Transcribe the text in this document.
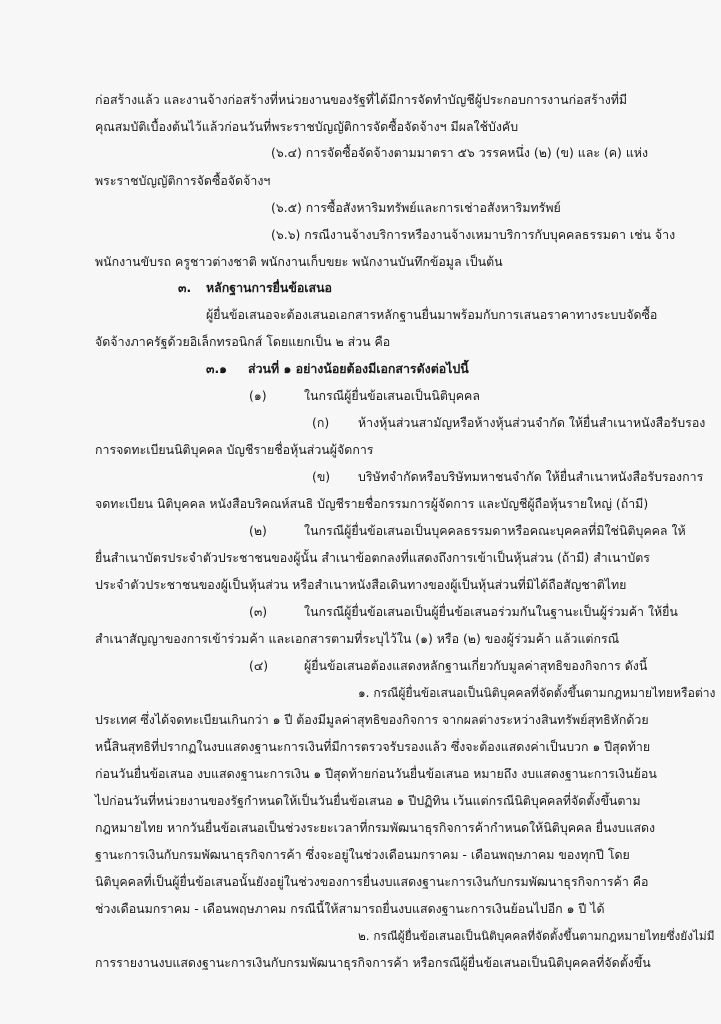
ก่อสร้างแล้ว และงานจ้างก่อสร้างที่หน่วยงานของรัฐที่ได้มีการจัดทำบัญชีผู้ประกอบการงานก่อสร้างที่มี
คุณสมบัติเบื้องต้นไว้แล้วก่อนวันที่พระราชบัญญัติการจัดซื้อจัดจ้างฯ มีผลใช้บังคับ
(๖.๔) การจัดซื้อจัดจ้างตามมาตรา ๕๖ วรรคหนึ่ง (๒) (ข) และ (ค) แห่ง
พระราชบัญญัติการจัดซื้อจัดจ้างฯ
(๖.๕) การซื้อสังหาริมทรัพย์และการเช่าอสังหาริมทรัพย์
(๖.๖) กรณีงานจ้างบริการหรืองานจ้างเหมาบริการกับบุคคลธรรมดา เช่น จ้าง
พนักงานขับรถ ครูชาวต่างชาติ พนักงานเก็บขยะ พนักงานบันทึกข้อมูล เป็นต้น
๓. หลักฐานการยื่นข้อเสนอ
ผู้ยื่นข้อเสนอจะต้องเสนอเอกสารหลักฐานยื่นมาพร้อมกับการเสนอราคาทางระบบจัดซื้อ
จัดจ้างภาครัฐด้วยอิเล็กทรอนิกส์ โดยแยกเป็น ๒ ส่วน คือ
๓.๑ ส่วนที่ ๑ อย่างน้อยต้องมีเอกสารดังต่อไปนี้
(๑)	ในกรณีผู้ยื่นข้อเสนอเป็นนิติบุคคล
(ก) ห้างหุ้นส่วนสามัญหรือห้างหุ้นส่วนจำกัด ให้ยื่นสำเนาหนังสือรับรอง
การจดทะเบียนนิติบุคคล บัญชีรายชื่อหุ้นส่วนผู้จัดการ
(ข) บริษัทจำกัดหรือบริษัทมหาชนจำกัด ให้ยื่นสำเนาหนังสือรับรองการ
จดทะเบียน นิติบุคคล หนังสือบริคณห์สนธิ บัญชีรายชื่อกรรมการผู้จัดการ และบัญชีผู้ถือหุ้นรายใหญ่ (ถ้ามี)
(๒)	ในกรณีผู้ยื่นข้อเสนอเป็นบุคคลธรรมดาหรือคณะบุคคลที่มิใช่นิติบุคคล ให้
ยื่นสำเนาบัตรประจำตัวประชาชนของผู้นั้น สำเนาข้อตกลงที่แสดงถึงการเข้าเป็นหุ้นส่วน (ถ้ามี) สำเนาบัตร
ประจำตัวประชาชนของผู้เป็นหุ้นส่วน หรือสำเนาหนังสือเดินทางของผู้เป็นหุ้นส่วนที่มิได้ถือสัญชาติไทย
(๓)	ในกรณีผู้ยื่นข้อเสนอเป็นผู้ยื่นข้อเสนอร่วมกันในฐานะเป็นผู้ร่วมค้า ให้ยื่น
สำเนาสัญญาของการเข้าร่วมค้า และเอกสารตามที่ระบุไว้ใน (๑) หรือ (๒) ของผู้ร่วมค้า แล้วแต่กรณี
(๔)	ผู้ยื่นข้อเสนอต้องแสดงหลักฐานเกี่ยวกับมูลค่าสุทธิของกิจการ ดังนี้
๑. กรณีผู้ยื่นข้อเสนอเป็นนิติบุคคลที่จัดตั้งขึ้นตามกฎหมายไทยหรือต่าง
ประเทศ ซึ่งได้จดทะเบียนเกินกว่า ๑ ปี ต้องมีมูลค่าสุทธิของกิจการ จากผลต่างระหว่างสินทรัพย์สุทธิหักด้วย
หนี้สินสุทธิที่ปรากฏในงบแสดงฐานะการเงินที่มีการตรวจรับรองแล้ว ซึ่งจะต้องแสดงค่าเป็นบวก ๑ ปีสุดท้าย
ก่อนวันยื่นข้อเสนอ งบแสดงฐานะการเงิน ๑ ปีสุดท้ายก่อนวันยื่นข้อเสนอ หมายถึง งบแสดงฐานะการเงินย้อน
ไปก่อนวันที่หน่วยงานของรัฐกำหนดให้เป็นวันยื่นข้อเสนอ ๑ ปีปฏิทิน เว้นแต่กรณีนิติบุคคลที่จัดตั้งขึ้นตาม
กฎหมายไทย หากวันยื่นข้อเสนอเป็นช่วงระยะเวลาที่กรมพัฒนาธุรกิจการค้ากำหนดให้นิติบุคคล ยื่นงบแสดง
ฐานะการเงินกับกรมพัฒนาธุรกิจการค้า ซึ่งจะอยู่ในช่วงเดือนมกราคม - เดือนพฤษภาคม ของทุกปี โดย
นิติบุคคลที่เป็นผู้ยื่นข้อเสนอนั้นยังอยู่ในช่วงของการยื่นงบแสดงฐานะการเงินกับกรมพัฒนาธุรกิจการค้า คือ
ช่วงเดือนมกราคม - เดือนพฤษภาคม กรณีนี้ให้สามารถยื่นงบแสดงฐานะการเงินย้อนไปอีก ๑ ปี ได้
๒. กรณีผู้ยื่นข้อเสนอเป็นนิติบุคคลที่จัดตั้งขึ้นตามกฎหมายไทยซึ่งยังไม่มี
การรายงานงบแสดงฐานะการเงินกับกรมพัฒนาธุรกิจการค้า หรือกรณีผู้ยื่นข้อเสนอเป็นนิติบุคคลที่จัดตั้งขึ้น
